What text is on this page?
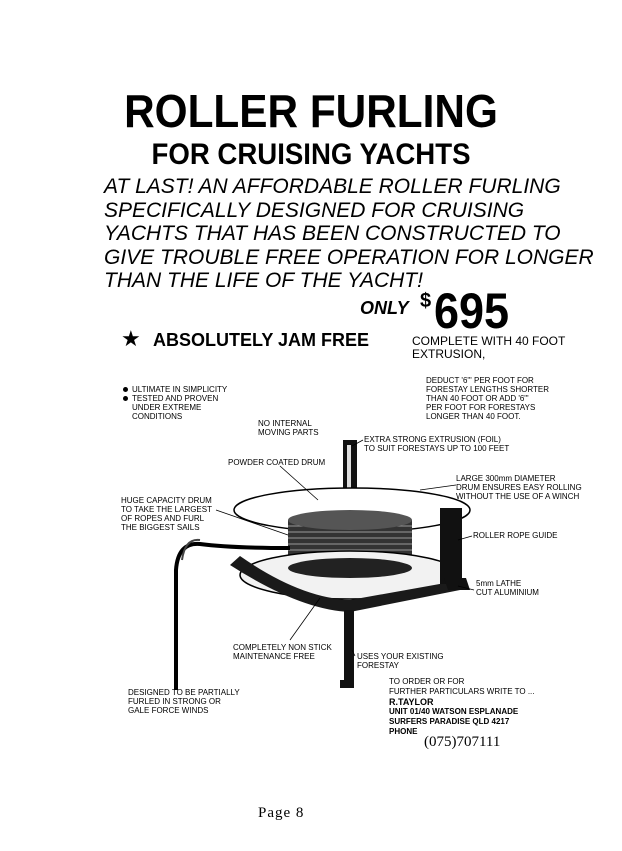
ROLLER FURLING
FOR CRUISING YACHTS
AT LAST! AN AFFORDABLE ROLLER FURLING
SPECIFICALLY DESIGNED FOR CRUISING
YACHTS THAT HAS BEEN CONSTRUCTED TO
GIVE TROUBLE FREE OPERATION FOR LONGER
THAN THE LIFE OF THE YACHT!
ONLY $ 695
★ ABSOLUTELY JAM FREE	COMPLETE WITH 40 FOOT
EXTRUSION,
DEDUCT '6"' PER FOOT FOR
FORESTAY LENGTHS SHORTER
THAN 40 FOOT OR ADD '6"'
PER FOOT FOR FORESTAYS
LONGER THAN 40 FOOT.
ULTIMATE IN SIMPLICITY
TESTED AND PROVEN
UNDER EXTREME
CONDITIONS
NO INTERNAL
MOVING PARTS
EXTRA STRONG EXTRUSION (FOIL)
TO SUIT FORESTAYS UP TO 100 FEET
POWDER COATED DRUM
LARGE 300mm DIAMETER
DRUM ENSURES EASY ROLLING
WITHOUT THE USE OF A WINCH
HUGE CAPACITY DRUM
TO TAKE THE LARGEST
OF ROPES AND FURL
THE BIGGEST SAILS
ROLLER ROPE GUIDE
5mm LATHE
CUT ALUMINIUM
COMPLETELY NON STICK
MAINTENANCE FREE	USES YOUR EXISTING
FORESTAY
DESIGNED TO BE PARTIALLY
FURLED IN STRONG OR
GALE FORCE WINDS
TO ORDER OR FOR
FURTHER PARTICULARS WRITE TO ...
R.TAYLOR
UNIT 01/40 WATSON ESPLANADE
SURFERS PARADISE QLD 4217
PHONE
(075)707111
Page 8
